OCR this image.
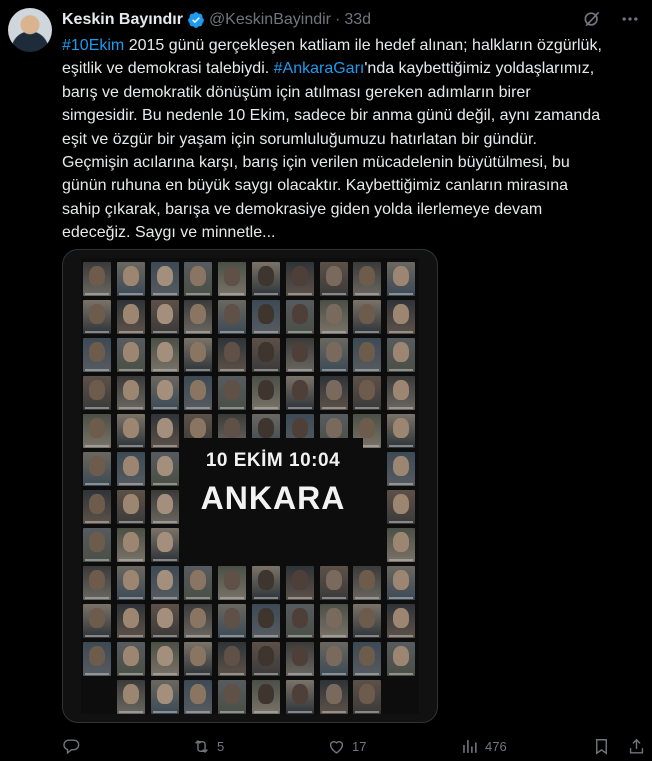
Keskin Bayındır @KeskinBayindir · 33d
#10Ekim 2015 günü gerçekleşen katliam ile hedef alınan; halkların özgürlük,
eşitlik ve demokrasi talebiydi. #AnkaraGarı'nda kaybettiğimiz yoldaşlarımız,
barış ve demokratik dönüşüm için atılması gereken adımların birer
simgesidir. Bu nedenle 10 Ekim, sadece bir anma günü değil, aynı zamanda
eşit ve özgür bir yaşam için sorumluluğumuzu hatırlatan bir gündür.
Geçmişin acılarına karşı, barış için verilen mücadelenin büyütülmesi, bu
günün ruhuna en büyük saygı olacaktır. Kaybettiğimiz canların mirasına
sahip çıkarak, barışa ve demokrasiye giden yolda ilerlemeye devam
edeceğiz. Saygı ve minnetle...
10 EKİM 10:04
ANKARA
5	17	476
